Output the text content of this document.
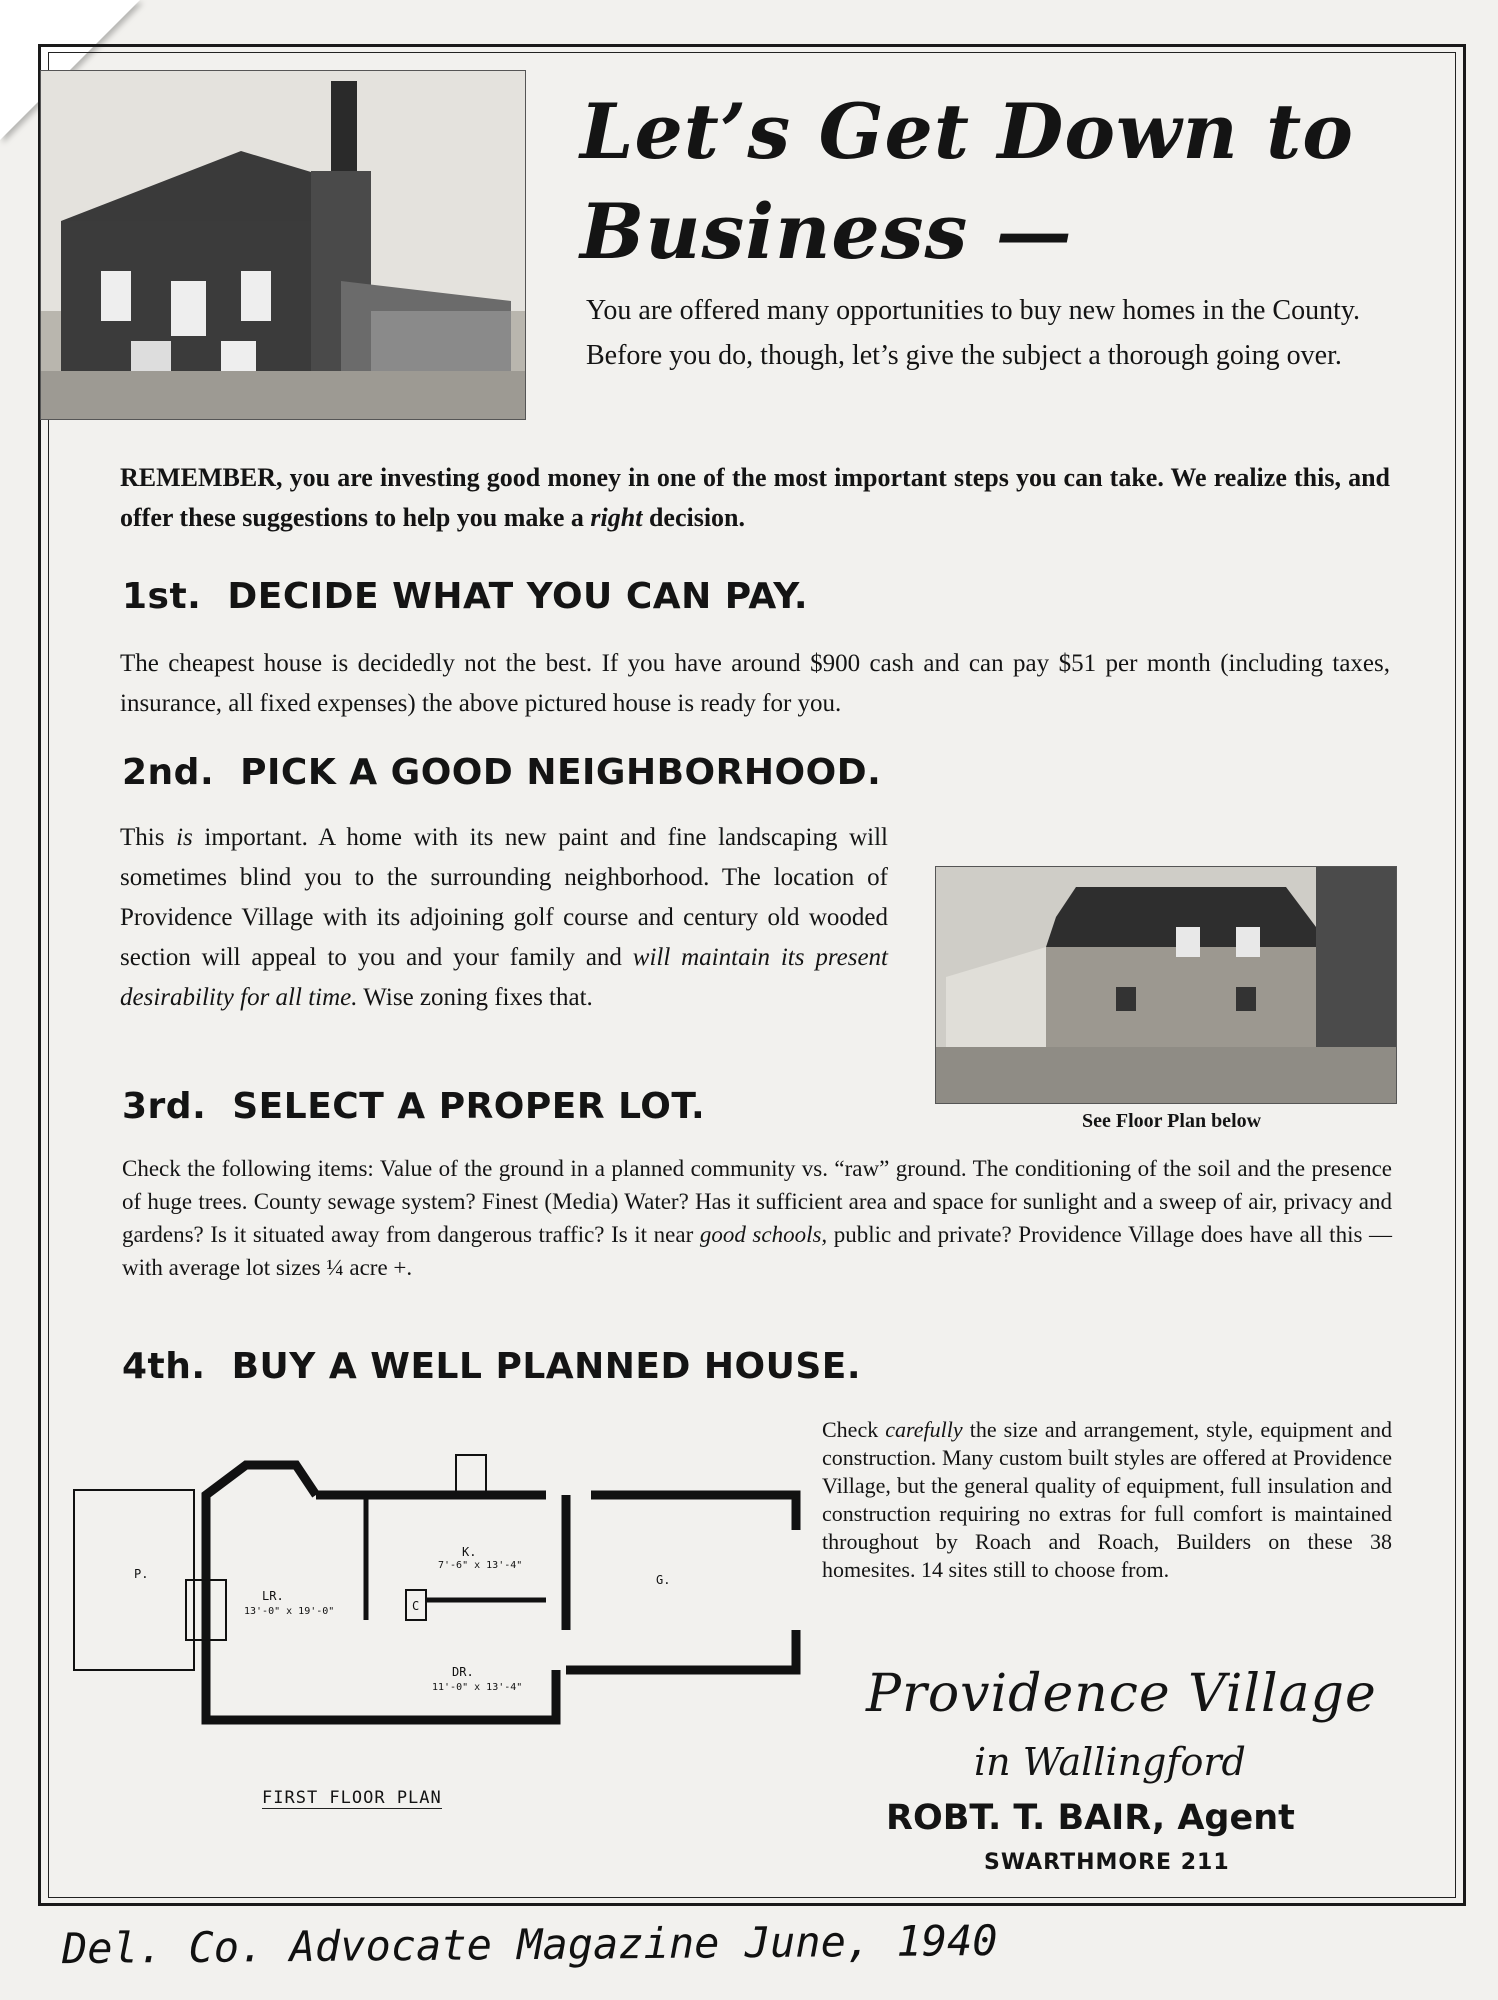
Let’s Get Down to
Business —

You are offered many opportunities to buy new homes in the County. Before you do, though, let’s give the subject a thorough going over.

REMEMBER, you are investing good money in one of the most important steps you can take. We realize this, and offer these suggestions to help you make a right decision.

1st. DECIDE WHAT YOU CAN PAY.

The cheapest house is decidedly not the best. If you have around $900 cash and can pay $51 per month (including taxes, insurance, all fixed expenses) the above pictured house is ready for you.

2nd. PICK A GOOD NEIGHBORHOOD.

This is important. A home with its new paint and fine landscaping will sometimes blind you to the surrounding neighborhood. The location of Providence Village with its adjoining golf course and century old wooded section will appeal to you and your family and will maintain its present desirability for all time. Wise zoning fixes that.

See Floor Plan below

3rd. SELECT A PROPER LOT.

Check the following items: Value of the ground in a planned community vs. “raw” ground. The conditioning of the soil and the presence of huge trees. County sewage system? Finest (Media) Water? Has it sufficient area and space for sunlight and a sweep of air, privacy and gardens? Is it situated away from dangerous traffic? Is it near good schools, public and private? Providence Village does have all this — with average lot sizes ¼ acre +.

4th. BUY A WELL PLANNED HOUSE.

Check carefully the size and arrangement, style, equipment and construction. Many custom built styles are offered at Providence Village, but the general quality of equipment, full insulation and construction requiring no extras for full comfort is maintained throughout by Roach and Roach, Builders on these 38 homesites. 14 sites still to choose from.

P.
LR.
13'-0" x 19'-0"
DR.
11'-0" x 13'-4"
K.
7'-6" x 13'-4"
G.
C

FIRST FLOOR PLAN

Providence Village

in Wallingford

ROBT. T. BAIR, Agent

SWARTHMORE 211

Del. Co. Advocate Magazine June, 1940
